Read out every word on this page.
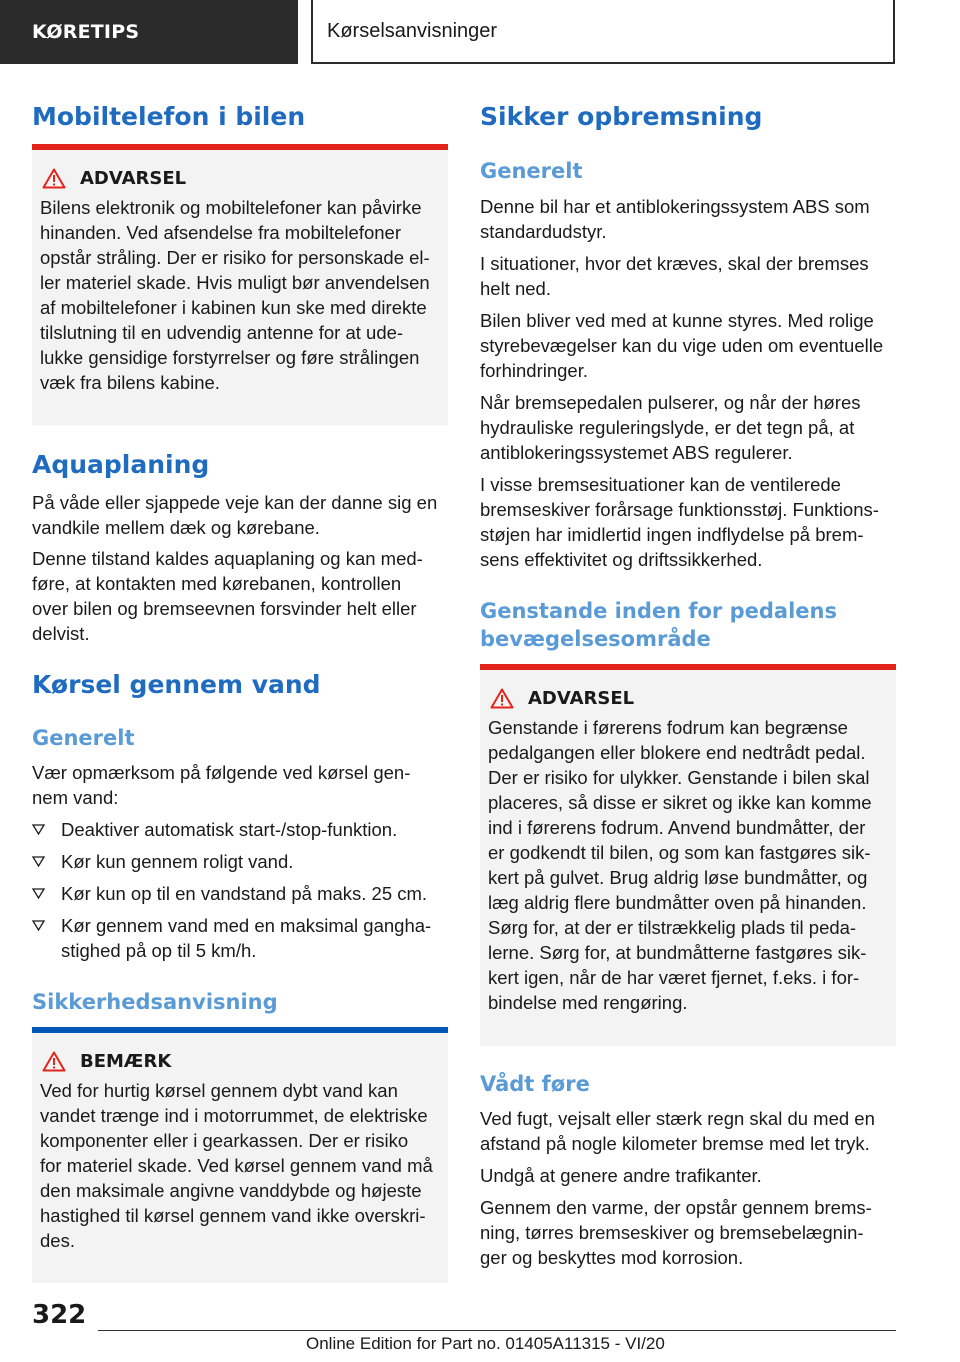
KØRETIPS	Kørselsanvisninger
Mobiltelefon i bilen
ADVARSEL
Bilens elektronik og mobiltelefoner kan påvirke
hinanden. Ved afsendelse fra mobiltelefoner
opstår stråling. Der er risiko for personskade el‐
ler materiel skade. Hvis muligt bør anvendelsen
af mobiltelefoner i kabinen kun ske med direkte
tilslutning til en udvendig antenne for at ude‐
lukke gensidige forstyrrelser og føre strålingen
væk fra bilens kabine.
Aquaplaning

På våde eller sjappede veje kan der danne sig en
vandkile mellem dæk og kørebane.

Denne tilstand kaldes aquaplaning og kan med‐
føre, at kontakten med kørebanen, kontrollen
over bilen og bremseevnen forsvinder helt eller
delvist.

Kørsel gennem vand
Generelt

Vær opmærksom på følgende ved kørsel gen‐
nem vand:

Deaktiver automatisk start-/stop-funktion.
Kør kun gennem roligt vand.
Kør kun op til en vandstand på maks. 25 cm.
Kør gennem vand med en maksimal gangha‐
stighed på op til 5 km/h.
Sikkerhedsanvisning
BEMÆRK
Ved for hurtig kørsel gennem dybt vand kan
vandet trænge ind i motorrummet, de elektriske
komponenter eller i gearkassen. Der er risiko
for materiel skade. Ved kørsel gennem vand må
den maksimale angivne vanddybde og højeste
hastighed til kørsel gennem vand ikke overskri‐
des.
Sikker opbremsning
Generelt

Denne bil har et antiblokeringssystem ABS som
standardudstyr.

I situationer, hvor det kræves, skal der bremses
helt ned.

Bilen bliver ved med at kunne styres. Med rolige
styrebevægelser kan du vige uden om eventuelle
forhindringer.

Når bremsepedalen pulserer, og når der høres
hydrauliske reguleringslyde, er det tegn på, at
antiblokeringssystemet ABS regulerer.

I visse bremsesituationer kan de ventilerede
bremseskiver forårsage funktionsstøj. Funktions‐
støjen har imidlertid ingen indflydelse på brem‐
sens effektivitet og driftssikkerhed.

Genstande inden for pedalens
bevægelsesområde
ADVARSEL
Genstande i førerens fodrum kan begrænse
pedalgangen eller blokere end nedtrådt pedal.
Der er risiko for ulykker. Genstande i bilen skal
placeres, så disse er sikret og ikke kan komme
ind i førerens fodrum. Anvend bundmåtter, der
er godkendt til bilen, og som kan fastgøres sik‐
kert på gulvet. Brug aldrig løse bundmåtter, og
læg aldrig flere bundmåtter oven på hinanden.
Sørg for, at der er tilstrækkelig plads til peda‐
lerne. Sørg for, at bundmåtterne fastgøres sik‐
kert igen, når de har været fjernet, f.eks. i for‐
bindelse med rengøring.
Vådt føre

Ved fugt, vejsalt eller stærk regn skal du med en
afstand på nogle kilometer bremse med let tryk.

Undgå at genere andre trafikanter.

Gennem den varme, der opstår gennem brems‐
ning, tørres bremseskiver og bremsebelægnin‐
ger og beskyttes mod korrosion.

322
Online Edition for Part no. 01405A11315 - VI/20
